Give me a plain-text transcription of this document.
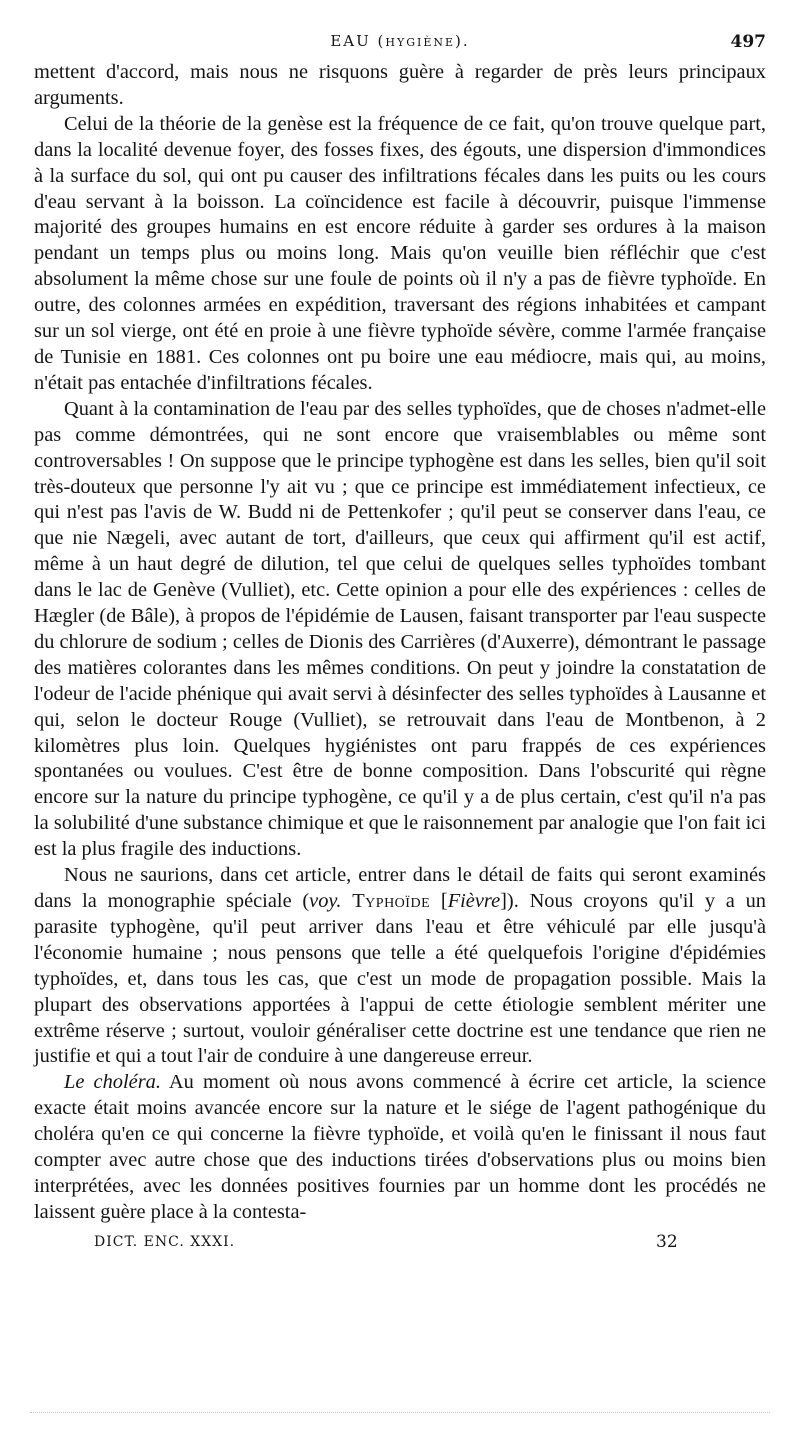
EAU (HYGIÈNE).	497

mettent d'accord, mais nous ne risquons guère à regarder de près leurs principaux arguments.

Celui de la théorie de la genèse est la fréquence de ce fait, qu'on trouve quelque part, dans la localité devenue foyer, des fosses fixes, des égouts, une dispersion d'immondices à la surface du sol, qui ont pu causer des infiltrations fécales dans les puits ou les cours d'eau servant à la boisson. La coïncidence est facile à découvrir, puisque l'immense majorité des groupes humains en est encore réduite à garder ses ordures à la maison pendant un temps plus ou moins long. Mais qu'on veuille bien réfléchir que c'est absolument la même chose sur une foule de points où il n'y a pas de fièvre typhoïde. En outre, des colonnes armées en expédition, traversant des régions inhabitées et campant sur un sol vierge, ont été en proie à une fièvre typhoïde sévère, comme l'armée française de Tunisie en 1881. Ces colonnes ont pu boire une eau médiocre, mais qui, au moins, n'était pas entachée d'infiltrations fécales.

Quant à la contamination de l'eau par des selles typhoïdes, que de choses n'admet-elle pas comme démontrées, qui ne sont encore que vraisemblables ou même sont controversables ! On suppose que le principe typhogène est dans les selles, bien qu'il soit très-douteux que personne l'y ait vu ; que ce principe est immédiatement infectieux, ce qui n'est pas l'avis de W. Budd ni de Pettenkofer ; qu'il peut se conserver dans l'eau, ce que nie Nægeli, avec autant de tort, d'ailleurs, que ceux qui affirment qu'il est actif, même à un haut degré de dilution, tel que celui de quelques selles typhoïdes tombant dans le lac de Genève (Vulliet), etc. Cette opinion a pour elle des expériences : celles de Hægler (de Bâle), à propos de l'épidémie de Lausen, faisant transporter par l'eau suspecte du chlorure de sodium ; celles de Dionis des Carrières (d'Auxerre), démontrant le passage des matières colorantes dans les mêmes conditions. On peut y joindre la constatation de l'odeur de l'acide phénique qui avait servi à désinfecter des selles typhoïdes à Lausanne et qui, selon le docteur Rouge (Vulliet), se retrouvait dans l'eau de Montbenon, à 2 kilomètres plus loin. Quelques hygiénistes ont paru frappés de ces expériences spontanées ou voulues. C'est être de bonne composition. Dans l'obscurité qui règne encore sur la nature du principe typhogène, ce qu'il y a de plus certain, c'est qu'il n'a pas la solubilité d'une substance chimique et que le raisonnement par analogie que l'on fait ici est la plus fragile des inductions.

Nous ne saurions, dans cet article, entrer dans le détail de faits qui seront examinés dans la monographie spéciale (voy. Typhoïde [Fièvre]). Nous croyons qu'il y a un parasite typhogène, qu'il peut arriver dans l'eau et être véhiculé par elle jusqu'à l'économie humaine ; nous pensons que telle a été quelquefois l'origine d'épidémies typhoïdes, et, dans tous les cas, que c'est un mode de propagation possible. Mais la plupart des observations apportées à l'appui de cette étiologie semblent mériter une extrême réserve ; surtout, vouloir généraliser cette doctrine est une tendance que rien ne justifie et qui a tout l'air de conduire à une dangereuse erreur.

Le choléra. Au moment où nous avons commencé à écrire cet article, la science exacte était moins avancée encore sur la nature et le siége de l'agent pathogénique du choléra qu'en ce qui concerne la fièvre typhoïde, et voilà qu'en le finissant il nous faut compter avec autre chose que des inductions tirées d'observations plus ou moins bien interprétées, avec les données positives fournies par un homme dont les procédés ne laissent guère place à la contesta-

DICT. ENC. XXXI.	32
